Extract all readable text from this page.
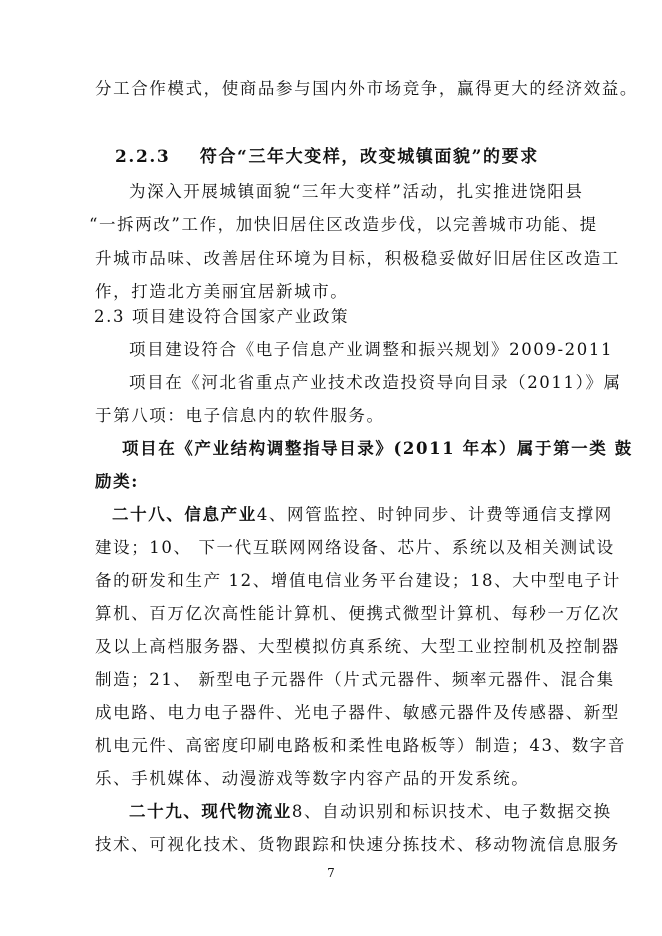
分工合作模式，使商品参与国内外市场竞争，赢得更大的经济效益。
2.2.3 符合“三年大变样，改变城镇面貌”的要求
为深入开展城镇面貌“三年大变样”活动，扎实推进饶阳县
“一拆两改”工作，加快旧居住区改造步伐，以完善城市功能、提
升城市品味、改善居住环境为目标，积极稳妥做好旧居住区改造工
作，打造北方美丽宜居新城市。
2.3 项目建设符合国家产业政策
项目建设符合《电子信息产业调整和振兴规划》2009-2011
项目在《河北省重点产业技术改造投资导向目录（2011）》属
于第八项：电子信息内的软件服务。
项目在《产业结构调整指导目录》(2011 年本）属于第一类 鼓
励类:
二十八、信息产业4、网管监控、时钟同步、计费等通信支撑网
建设；10、 下一代互联网网络设备、芯片、系统以及相关测试设
备的研发和生产 12、增值电信业务平台建设；18、大中型电子计
算机、百万亿次高性能计算机、便携式微型计算机、每秒一万亿次
及以上高档服务器、大型模拟仿真系统、大型工业控制机及控制器
制造；21、 新型电子元器件（片式元器件、频率元器件、混合集
成电路、电力电子器件、光电子器件、敏感元器件及传感器、新型
机电元件、高密度印刷电路板和柔性电路板等）制造；43、数字音
乐、手机媒体、动漫游戏等数字内容产品的开发系统。
二十九、现代物流业8、自动识别和标识技术、电子数据交换
技术、可视化技术、货物跟踪和快速分拣技术、移动物流信息服务
7
